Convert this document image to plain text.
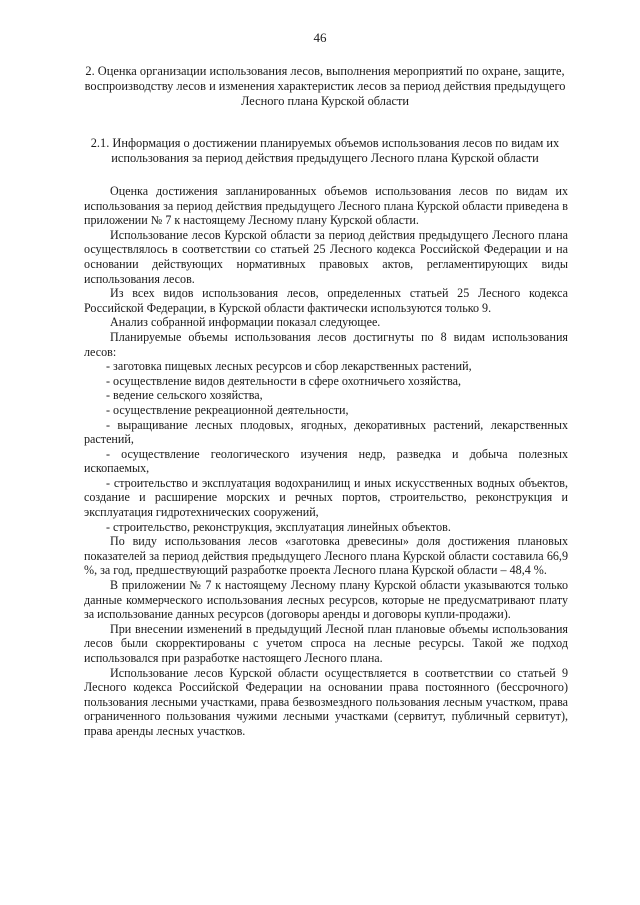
46
2. Оценка организации использования лесов, выполнения мероприятий по охране, защите, воспроизводству лесов и изменения характеристик лесов за период действия предыдущего Лесного плана Курской области
2.1. Информация о достижении планируемых объемов использования лесов по видам их использования за период действия предыдущего Лесного плана Курской области

Оценка достижения запланированных объемов использования лесов по видам их использования за период действия предыдущего Лесного плана Курской области приведена в приложении № 7 к настоящему Лесному плану Курской области.

Использование лесов Курской области за период действия предыдущего Лесного плана осуществлялось в соответствии со статьей 25 Лесного кодекса Российской Федерации и на основании действующих нормативных правовых актов, регламентирующих виды использования лесов.

Из всех видов использования лесов, определенных статьей 25 Лесного кодекса Российской Федерации, в Курской области фактически используются только 9.

Анализ собранной информации показал следующее.

Планируемые объемы использования лесов достигнуты по 8 видам использования лесов:

- заготовка пищевых лесных ресурсов и сбор лекарственных растений,

- осуществление видов деятельности в сфере охотничьего хозяйства,

- ведение сельского хозяйства,

- осуществление рекреационной деятельности,

- выращивание лесных плодовых, ягодных, декоративных растений, лекарственных растений,

- осуществление геологического изучения недр, разведка и добыча полезных ископаемых,

- строительство и эксплуатация водохранилищ и иных искусственных водных объектов, создание и расширение морских и речных портов, строительство, реконструкция и эксплуатация гидротехнических сооружений,

- строительство, реконструкция, эксплуатация линейных объектов.

По виду использования лесов «заготовка древесины» доля достижения плановых показателей за период действия предыдущего Лесного плана Курской области составила 66,9 %, за год, предшествующий разработке проекта Лесного плана Курской области – 48,4 %.

В приложении № 7 к настоящему Лесному плану Курской области указываются только данные коммерческого использования лесных ресурсов, которые не предусматривают плату за использование данных ресурсов (договоры аренды и договоры купли-продажи).

При внесении изменений в предыдущий Лесной план плановые объемы использования лесов были скорректированы с учетом спроса на лесные ресурсы. Такой же подход использовался при разработке настоящего Лесного плана.

Использование лесов Курской области осуществляется в соответствии со статьей 9 Лесного кодекса Российской Федерации на основании права постоянного (бессрочного) пользования лесными участками, права безвозмездного пользования лесным участком, права ограниченного пользования чужими лесными участками (сервитут, публичный сервитут), права аренды лесных участков.
